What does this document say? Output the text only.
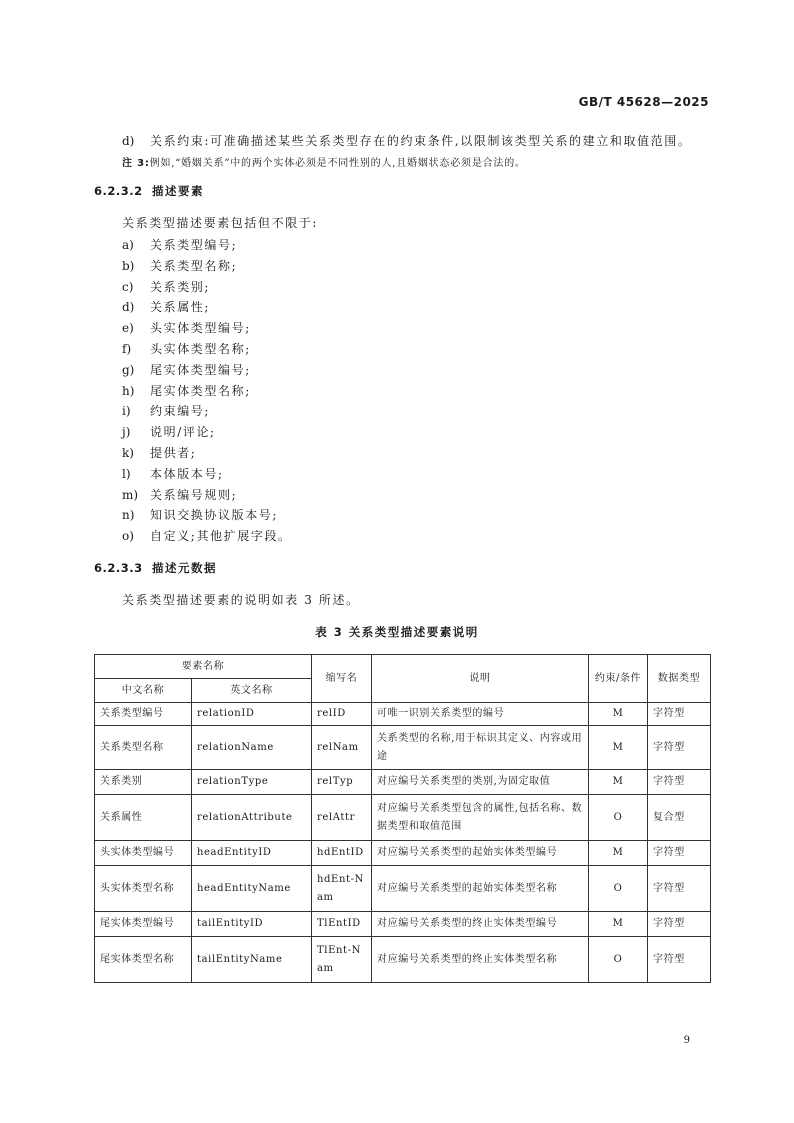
GB/T 45628—2025
d) 关系约束:可准确描述某些关系类型存在的约束条件,以限制该类型关系的建立和取值范围。
注 3:例如,“婚姻关系”中的两个实体必须是不同性别的人,且婚姻状态必须是合法的。
6.2.3.2 描述要素
关系类型描述要素包括但不限于:
a) 关系类型编号;
b) 关系类型名称;
c) 关系类别;
d) 关系属性;
e) 头实体类型编号;
f) 头实体类型名称;
g) 尾实体类型编号;
h) 尾实体类型名称;
i) 约束编号;
j) 说明/评论;
k) 提供者;
l) 本体版本号;
m) 关系编号规则;
n) 知识交换协议版本号;
o) 自定义;其他扩展字段。
6.2.3.3 描述元数据
关系类型描述要素的说明如表 3 所述。
表 3 关系类型描述要素说明
要素名称		缩写名	说明	约束/条件	数据类型
中文名称	英文名称				
关系类型编号	relationID	relID	可唯一识别关系类型的编号	M	字符型
关系类型名称	relationName	relNam	关系类型的名称,用于标识其定义、内容或用途	M	字符型
关系类别	relationType	relTyp	对应编号关系类型的类别,为固定取值	M	字符型
关系属性	relationAttribute	relAttr	对应编号关系类型包含的属性,包括名称、数据类型和取值范围	O	复合型
头实体类型编号	headEntityID	hdEntID	对应编号关系类型的起始实体类型编号	M	字符型
头实体类型名称	headEntityName	hdEnt-Nam	对应编号关系类型的起始实体类型名称	O	字符型
尾实体类型编号	tailEntityID	TlEntID	对应编号关系类型的终止实体类型编号	M	字符型
尾实体类型名称	tailEntityName	TlEnt-Nam	对应编号关系类型的终止实体类型名称	O	字符型
9
